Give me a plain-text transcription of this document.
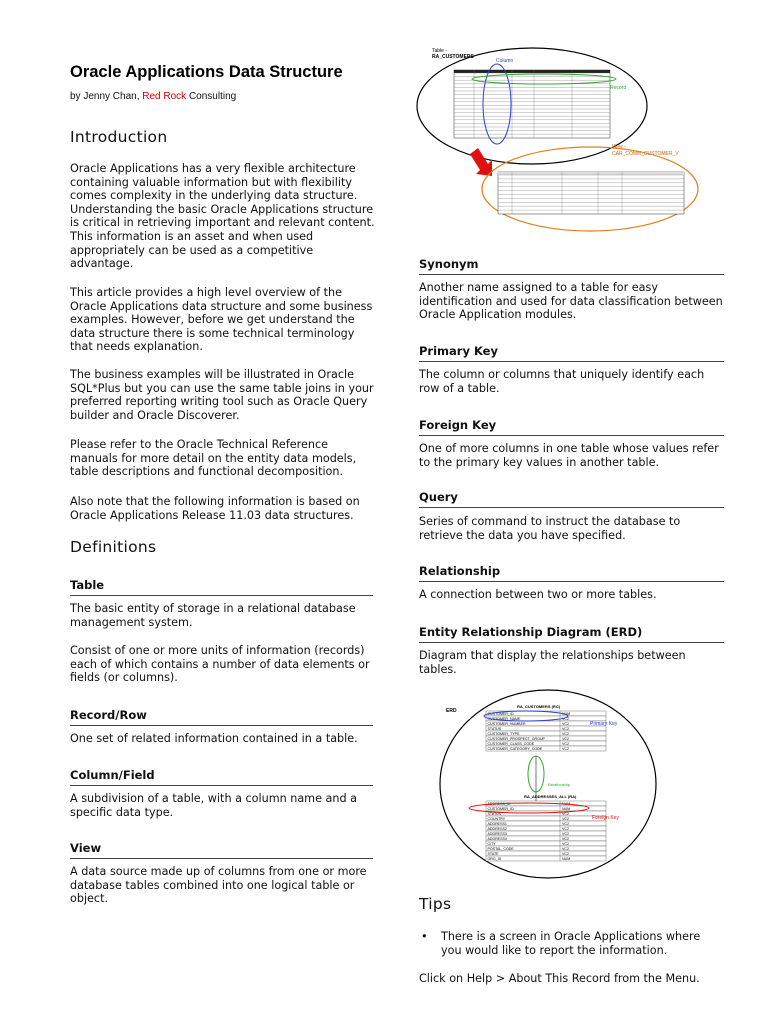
Oracle Applications Data Structure
by Jenny Chan, Red Rock Consulting
Introduction

Oracle Applications has a very flexible architecture containing valuable information but with flexibility comes complexity in the underlying data structure. Understanding the basic Oracle Applications structure is critical in retrieving important and relevant content. This information is an asset and when used appropriately can be used as a competitive advantage.

This article provides a high level overview of the Oracle Applications data structure and some business examples. However, before we get understand the data structure there is some technical terminology that needs explanation.

The business examples will be illustrated in Oracle SQL*Plus but you can use the same table joins in your preferred reporting writing tool such as Oracle Query builder and Oracle Discoverer.

Please refer to the Oracle Technical Reference manuals for more detail on the entity data models, table descriptions and functional decomposition.

Also note that the following information is based on Oracle Applications Release 11.03 data structures.

Definitions
Table

The basic entity of storage in a relational database management system.

Consist of one or more units of information (records) each of which contains a number of data elements or fields (or columns).

Record/Row

One set of related information contained in a table.

Column/Field

A subdivision of a table, with a column name and a specific data type.

View

A data source made up of columns from one or more database tables combined into one logical table or object.

Synonym

Another name assigned to a table for easy identification and used for data classification between Oracle Application modules.

Primary Key

The column or columns that uniquely identify each row of a table.

Foreign Key

One of more columns in one table whose values refer to the primary key values in another table.

Query

Series of command to instruct the database to retrieve the data you have specified.

Relationship

A connection between two or more tables.

Entity Relationship Diagram (ERD)

Diagram that display the relationships between tables.

Tips

• There is a screen in Oracle Applications where you would like to report the information.

Click on Help > About This Record from the Menu.

Table -
RA_CUSTOMERS
Column
Record
View -
CAR_COMM_CUSTOMER_V
ERD
RA_CUSTOMERS (RC)
CUSTOMER_ID	NUM
CUSTOMER_NAME	VC2
CUSTOMER_NUMBER	VC2
STATUS	VC2
CUSTOMER_TYPE	VC2
CUSTOMER_PROSPECT_GROUP	VC2
CUSTOMER_CLASS_CODE	VC2
CUSTOMER_CATEGORY_CODE	VC2
Primary Key
Relationship
RA_ADDRESSES_ALL (RA)
ADDRESS_ID	NUM
CUSTOMER_ID	NUM
STATUS	VC2
COUNTRY	VC2
ADDRESS1	VC2
ADDRESS2	VC2
ADDRESS3	VC2
ADDRESS4	VC2
CITY	VC2
POSTAL_CODE	VC2
STATE	VC2
ORG_ID	NUM
Foreign Key
